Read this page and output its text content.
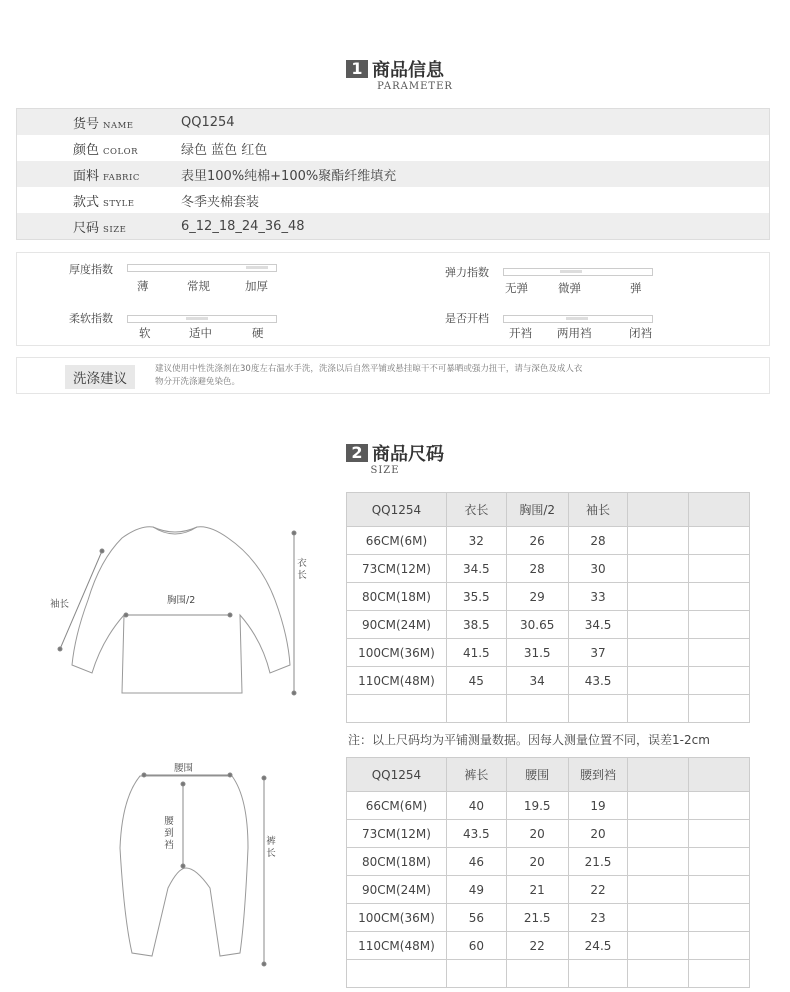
1 商品信息
PARAMETER
货号 NAME	QQ1254
颜色 COLOR	绿色 蓝色 红色
面料 FABRIC	表里100%纯棉+100%聚酯纤维填充
款式 STYLE	冬季夹棉套装
尺码 SIZE	6_12_18_24_36_48
厚度指数
薄	常规	加厚
弹力指数
无弹	微弹	弹
柔软指数
软	适中	硬
是否开档
开裆 两用裆	闭裆
洗涤建议
建议使用中性洗涤剂在30度左右温水手洗，洗涤以后自然平铺或悬挂晾干不可暴晒或强力扭干，请与深色及成人衣
物分开洗涤避免染色。
2 商品尺码
SIZE
袖长	胸围/2
衣长
腰围
腰到裆	裤长
QQ1254	衣长	胸围/2	袖长		
66CM(6M)	32	26	28		
73CM(12M)	34.5	28	30		
80CM(18M)	35.5	29	33		
90CM(24M)	38.5	30.65	34.5		
100CM(36M)	41.5	31.5	37		
110CM(48M)	45	34	43.5		

注：以上尺码均为平铺测量数据。因每人测量位置不同，误差1-2cm
QQ1254	裤长	腰围	腰到裆		
66CM(6M)	40	19.5	19		
73CM(12M)	43.5	20	20		
80CM(18M)	46	20	21.5		
90CM(24M)	49	21	22		
100CM(36M)	56	21.5	23		
110CM(48M)	60	22	24.5		
